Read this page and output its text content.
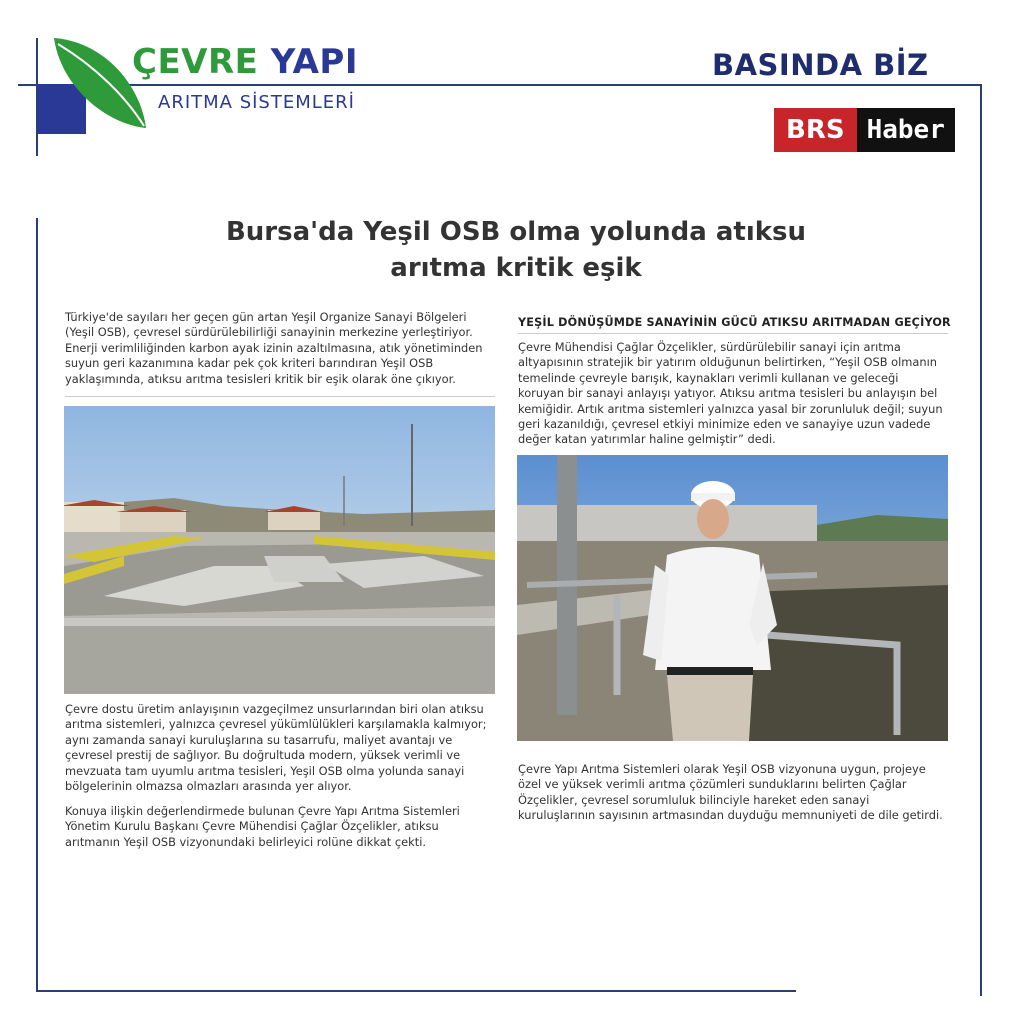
ÇEVRE YAPI
ARITMA SİSTEMLERİ
BASINDA BİZ
BRS Haber
Bursa'da Yeşil OSB olma yolunda atıksu
arıtma kritik eşik
Türkiye'de sayıları her geçen gün artan Yeşil Organize Sanayi Bölgeleri (Yeşil OSB), çevresel sürdürülebilirliği sanayinin merkezine yerleştiriyor. Enerji verimliliğinden karbon ayak izinin azaltılmasına, atık yönetiminden suyun geri kazanımına kadar pek çok kriteri barındıran Yeşil OSB yaklaşımında, atıksu arıtma tesisleri kritik bir eşik olarak öne çıkıyor.
Çevre dostu üretim anlayışının vazgeçilmez unsurlarından biri olan atıksu arıtma sistemleri, yalnızca çevresel yükümlülükleri karşılamakla kalmıyor; aynı zamanda sanayi kuruluşlarına su tasarrufu, maliyet avantajı ve çevresel prestij de sağlıyor. Bu doğrultuda modern, yüksek verimli ve mevzuata tam uyumlu arıtma tesisleri, Yeşil OSB olma yolunda sanayi bölgelerinin olmazsa olmazları arasında yer alıyor.
Konuya ilişkin değerlendirmede bulunan Çevre Yapı Arıtma Sistemleri Yönetim Kurulu Başkanı Çevre Mühendisi Çağlar Özçelikler, atıksu arıtmanın Yeşil OSB vizyonundaki belirleyici rolüne dikkat çekti.
YEŞİL DÖNÜŞÜMDE SANAYİNİN GÜCÜ ATIKSU ARITMADAN GEÇİYOR
Çevre Mühendisi Çağlar Özçelikler, sürdürülebilir sanayi için arıtma altyapısının stratejik bir yatırım olduğunun belirtirken, “Yeşil OSB olmanın temelinde çevreyle barışık, kaynakları verimli kullanan ve geleceği koruyan bir sanayi anlayışı yatıyor. Atıksu arıtma tesisleri bu anlayışın bel kemiğidir. Artık arıtma sistemleri yalnızca yasal bir zorunluluk değil; suyun geri kazanıldığı, çevresel etkiyi minimize eden ve sanayiye uzun vadede değer katan yatırımlar haline gelmiştir” dedi.
Çevre Yapı Arıtma Sistemleri olarak Yeşil OSB vizyonuna uygun, projeye özel ve yüksek verimli arıtma çözümleri sunduklarını belirten Çağlar Özçelikler, çevresel sorumluluk bilinciyle hareket eden sanayi kuruluşlarının sayısının artmasından duyduğu memnuniyeti de dile getirdi.
